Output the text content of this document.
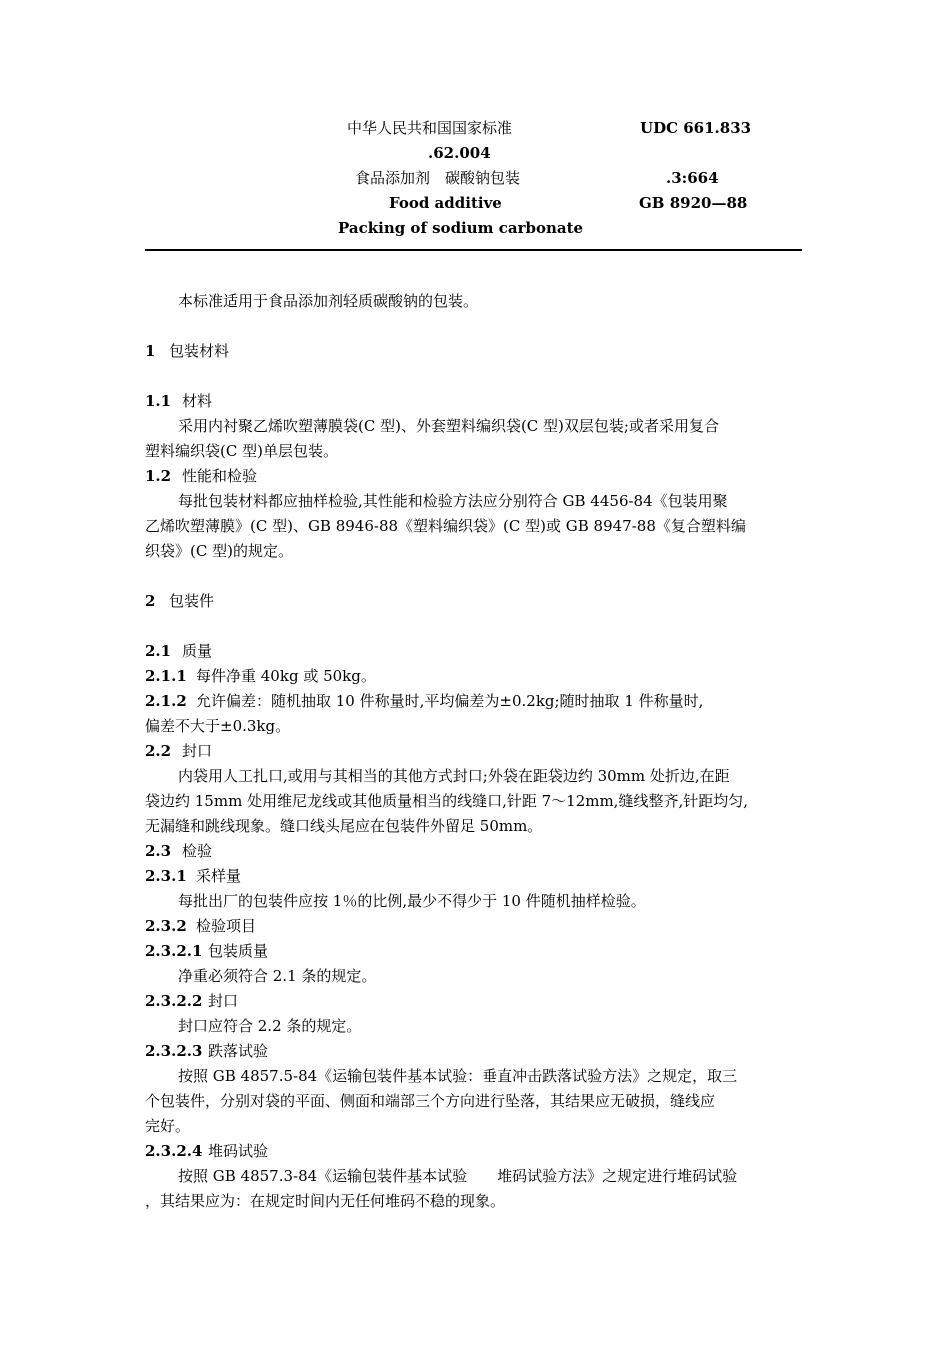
中华人民共和国国家标准	UDC 661.833
.62.004
食品添加剂　碳酸钠包装	.3:664
Food additive	GB 8920—88
Packing of sodium carbonate
本标准适用于食品添加剂轻质碳酸钠的包装。
1 包装材料
1.1 材料
采用内衬聚乙烯吹塑薄膜袋(C 型)、外套塑料编织袋(C 型)双层包装;或者采用复合
塑料编织袋(C 型)单层包装。
1.2 性能和检验
每批包装材料都应抽样检验,其性能和检验方法应分别符合 GB 4456-84《包装用聚
乙烯吹塑薄膜》(C 型)、GB 8946-88《塑料编织袋》(C 型)或 GB 8947-88《复合塑料编
织袋》(C 型)的规定。
2 包装件
2.1 质量
2.1.1 每件净重 40kg 或 50kg。
2.1.2 允许偏差：随机抽取 10 件称量时,平均偏差为±0.2kg;随时抽取 1 件称量时,
偏差不大于±0.3kg。
2.2 封口
内袋用人工扎口,或用与其相当的其他方式封口;外袋在距袋边约 30mm 处折边,在距
袋边约 15mm 处用维尼龙线或其他质量相当的线缝口,针距 7～12mm,缝线整齐,针距均匀,
无漏缝和跳线现象。缝口线头尾应在包装件外留足 50mm。
2.3 检验
2.3.1 采样量
每批出厂的包装件应按 1％的比例,最少不得少于 10 件随机抽样检验。
2.3.2 检验项目
2.3.2.1 包装质量
净重必须符合 2.1 条的规定。
2.3.2.2 封口
封口应符合 2.2 条的规定。
2.3.2.3 跌落试验
按照 GB 4857.5-84《运输包装件基本试验：垂直冲击跌落试验方法》之规定，取三
个包装件，分别对袋的平面、侧面和端部三个方向进行坠落，其结果应无破损，缝线应
完好。
2.3.2.4 堆码试验
按照 GB 4857.3-84《运输包装件基本试验　　堆码试验方法》之规定进行堆码试验
，其结果应为：在规定时间内无任何堆码不稳的现象。
